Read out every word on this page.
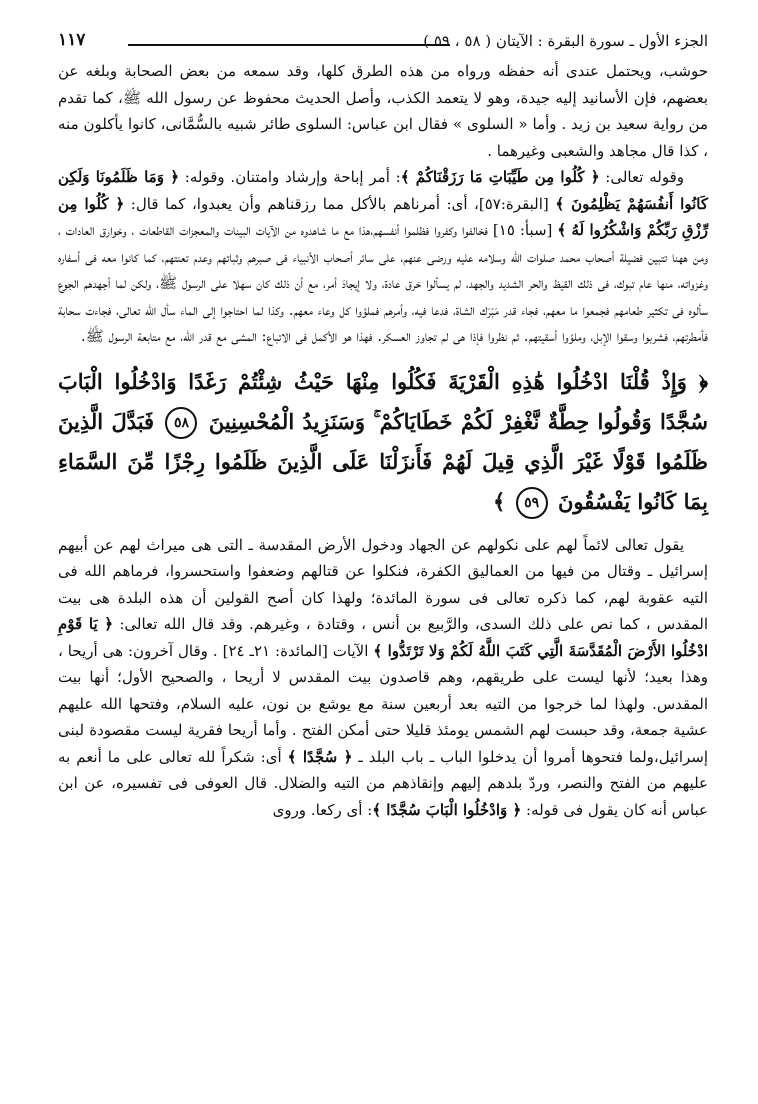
الجزء الأول ـ سورة البقرة : الآيتان ( ٥٨ ، ٥٩ )
١١٧

حوشب، ويحتمل عندى أنه حفظه ورواه من هذه الطرق كلها، وقد سمعه من بعض الصحابة وبلغه عن بعضهم، فإن الأسانيد إليه جيدة، وهو لا يتعمد الكذب، وأصل الحديث محفوظ عن رسول الله ﷺ، كما تقدم من رواية سعيد بن زيد . وأما « السلوى » فقال ابن عباس: السلوى طائر شبيه بالسُّمَّانى، كانوا يأكلون منه ، كذا قال مجاهد والشعبى وغيرهما .

وقوله تعالى: ﴿ كُلُوا مِن طَيِّبَاتِ مَا رَزَقْنَاكُمْ ﴾: أمر إباحة وإرشاد وامتنان. وقوله: ﴿ وَمَا ظَلَمُونَا وَلَكِن كَانُوا أَنفُسَهُمْ يَظْلِمُونَ ﴾ [البقرة:٥٧]، أى: أمرناهم بالأكل مما رزقناهم وأن يعبدوا، كما قال: ﴿ كُلُوا مِن رِّزْقِ رَبِّكُمْ وَاشْكُرُوا لَهُ ﴾ [سبأ: ١٥] فخالفوا وكفروا فظلموا أنفسهم،هذا مع ما شاهدوه من الآيات البينات والمعجزات القاطعات ، وخوارق العادات ، ومن ههنا تتبين فضيلة أصحاب محمد صلوات الله وسلامه عليه ورضى عنهم، على سائر أصحاب الأنبياء فى صبرهم وثباتهم وعدم تعنتهم، كما كانوا معه فى أسفاره وغزواته، منها عام تبوك، فى ذلك القيظ والحر الشديد والجهد، لم يسألوا خرق عادة، ولا إيجادَ أمر، مع أن ذلك كان سهلا على الرسول ﷺ، ولكن لما أجهدهم الجوع سألوه فى تكثير طعامهم فجمعوا ما معهم، فجاء قدر مَبْرَك الشاة، فدعا فيه، وأمرهم فملؤوا كل وعاء معهم. وكذا لما احتاجوا إلى الماء سأل الله تعالى، فجاءت سحابة فأمطرتهم، فشربوا وسقوا الإبل، وملؤوا أسقيتهم. ثم نظروا فإذا هى لم تجاوز العسكر. فهذا هو الأكمل فى الاتباع: المشى مع قدر الله، مع متابعة الرسول ﷺ.

﴿ وَإِذْ قُلْنَا ادْخُلُوا هَٰذِهِ الْقَرْيَةَ فَكُلُوا مِنْهَا حَيْثُ شِئْتُمْ رَغَدًا وَادْخُلُوا الْبَابَ سُجَّدًا وَقُولُوا حِطَّةٌ نَّغْفِرْ لَكُمْ خَطَايَاكُمْ ۚ وَسَنَزِيدُ الْمُحْسِنِينَ ٥٨ فَبَدَّلَ الَّذِينَ ظَلَمُوا قَوْلًا غَيْرَ الَّذِي قِيلَ لَهُمْ فَأَنزَلْنَا عَلَى الَّذِينَ ظَلَمُوا رِجْزًا مِّنَ السَّمَاءِ بِمَا كَانُوا يَفْسُقُونَ ٥٩ ﴾

يقول تعالى لائماً لهم على نكولهم عن الجهاد ودخول الأرض المقدسة ـ التى هى ميراث لهم عن أبيهم إسرائيل ـ وقتال من فيها من العماليق الكفرة، فنكلوا عن قتالهم وضعفوا واستحسروا، فرماهم الله فى التيه عقوبة لهم، كما ذكره تعالى فى سورة المائدة؛ ولهذا كان أصح القولين أن هذه البلدة هى بيت المقدس ، كما نص على ذلك السدى، والرَّبيع بن أنس ، وقتادة ، وغيرهم. وقد قال الله تعالى: ﴿ يَا قَوْمِ ادْخُلُوا الأَرْضَ الْمُقَدَّسَةَ الَّتِي كَتَبَ اللَّهُ لَكُمْ وَلا تَرْتَدُّوا ﴾ الآيات [المائدة: ٢١ـ ٢٤] . وقال آخرون: هى أريحا ، وهذا بعيد؛ لأنها ليست على طريقهم، وهم قاصدون بيت المقدس لا أريحا ، والصحيح الأول؛ أنها بيت المقدس. ولهذا لما خرجوا من التيه بعد أربعين سنة مع يوشع بن نون، عليه السلام، وفتحها الله عليهم عشية جمعة، وقد حبست لهم الشمس يومئذ قليلا حتى أمكن الفتح . وأما أريحا فقرية ليست مقصودة لبنى إسرائيل،ولما فتحوها أمروا أن يدخلوا الباب ـ باب البلد ـ ﴿ سُجَّدًا ﴾ أى: شكراً لله تعالى على ما أنعم به عليهم من الفتح والنصر، وردّ بلدهم إليهم وإنقاذهم من التيه والضلال. قال العوفى فى تفسيره، عن ابن عباس أنه كان يقول فى قوله: ﴿ وَادْخُلُوا الْبَابَ سُجَّدًا ﴾: أى ركعا. وروى
